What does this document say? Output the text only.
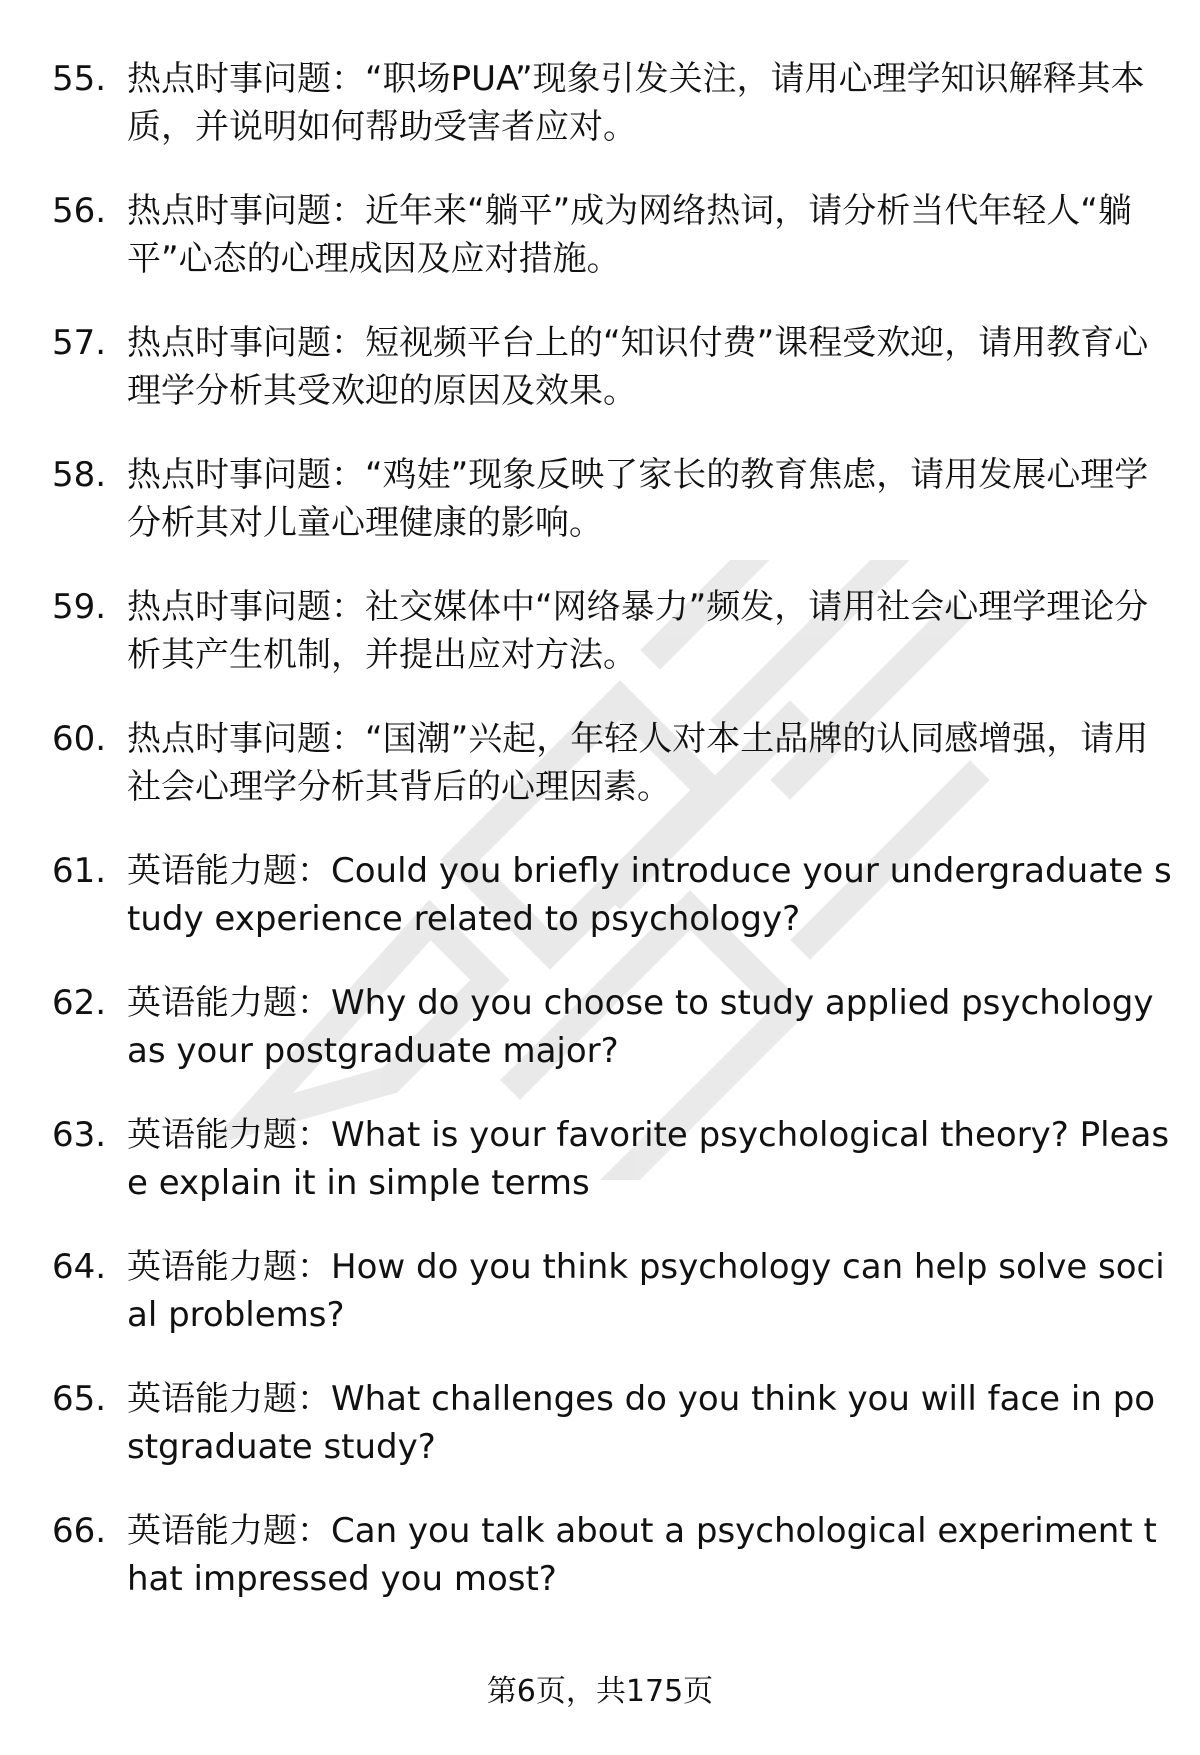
55. 热点时事问题：“职场PUA”现象引发关注，请用心理学知识解释其本质，并说明如何帮助受害者应对。

56. 热点时事问题：近年来“躺平”成为网络热词，请分析当代年轻人“躺平”心态的心理成因及应对措施。

57. 热点时事问题：短视频平台上的“知识付费”课程受欢迎，请用教育心理学分析其受欢迎的原因及效果。

58. 热点时事问题：“鸡娃”现象反映了家长的教育焦虑，请用发展心理学分析其对儿童心理健康的影响。

59. 热点时事问题：社交媒体中“网络暴力”频发，请用社会心理学理论分析其产生机制，并提出应对方法。

60. 热点时事问题：“国潮”兴起，年轻人对本土品牌的认同感增强，请用社会心理学分析其背后的心理因素。

61. 英语能力题：Could you briefly introduce your undergraduate study experience related to psychology?

62. 英语能力题：Why do you choose to study applied psychology as your postgraduate major?

63. 英语能力题：What is your favorite psychological theory? Please explain it in simple terms

64. 英语能力题：How do you think psychology can help solve social problems?

65. 英语能力题：What challenges do you think you will face in postgraduate study?

66. 英语能力题：Can you talk about a psychological experiment that impressed you most?

第6页，共175页
